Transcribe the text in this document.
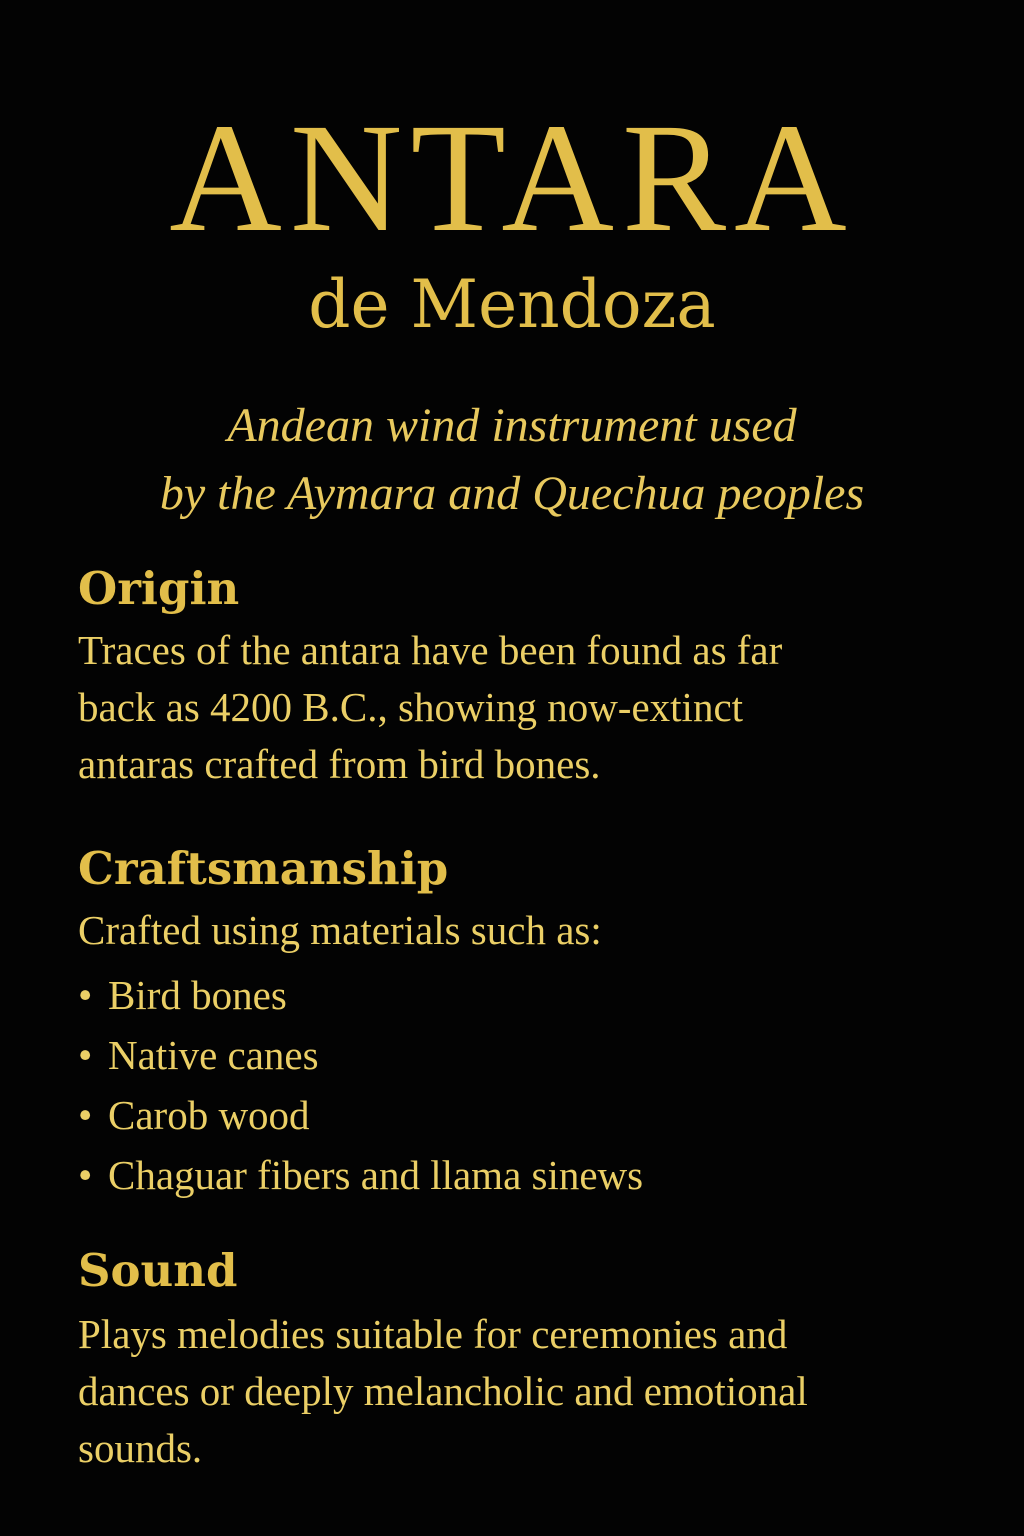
ANTARA
de Mendoza
Andean wind instrument used
by the Aymara and Quechua peoples
Origin
Traces of the antara have been found as far
back as 4200 B.C., showing now-extinct
antaras crafted from bird bones.
Craftsmanship
Crafted using materials such as:
• Bird bones
• Native canes
• Carob wood
• Chaguar fibers and llama sinews
Sound
Plays melodies suitable for ceremonies and
dances or deeply melancholic and emotional
sounds.
